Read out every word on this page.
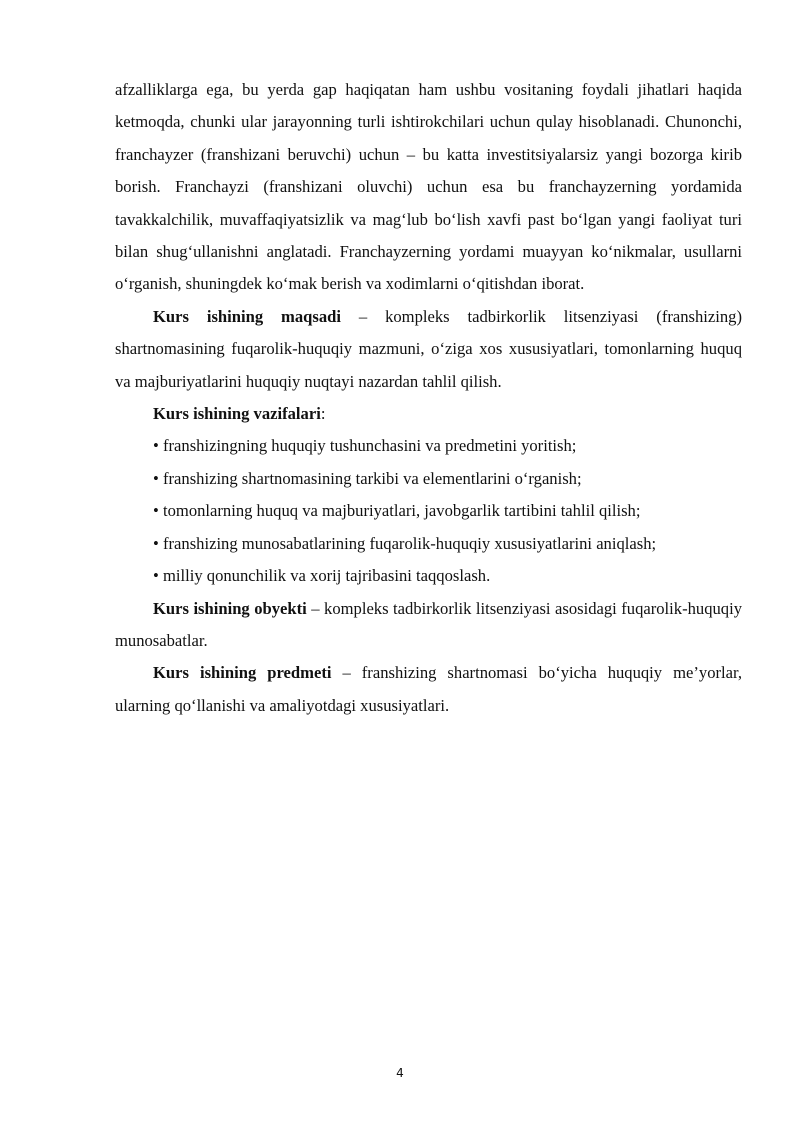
afzalliklarga ega, bu yerda gap haqiqatan ham ushbu vositaning foydali jihatlari haqida ketmoqda, chunki ular jarayonning turli ishtirokchilari uchun qulay hisoblanadi. Chunonchi, franchayzer (franshizani beruvchi) uchun – bu katta investitsiyalarsiz yangi bozorga kirib borish. Franchayzi (franshizani oluvchi) uchun esa bu franchayzerning yordamida tavakkalchilik, muvaffaqiyatsizlik va mag‘lub bo‘lish xavfi past bo‘lgan yangi faoliyat turi bilan shug‘ullanishni anglatadi. Franchayzerning yordami muayyan ko‘nikmalar, usullarni o‘rganish, shuningdek ko‘mak berish va xodimlarni o‘qitishdan iborat.

Kurs ishining maqsadi – kompleks tadbirkorlik litsenziyasi (franshizing) shartnomasining fuqarolik-huquqiy mazmuni, o‘ziga xos xususiyatlari, tomonlarning huquq va majburiyatlarini huquqiy nuqtayi nazardan tahlil qilish.

Kurs ishining vazifalari:

• franshizingning huquqiy tushunchasini va predmetini yoritish;

• franshizing shartnomasining tarkibi va elementlarini o‘rganish;

• tomonlarning huquq va majburiyatlari, javobgarlik tartibini tahlil qilish;

• franshizing munosabatlarining fuqarolik-huquqiy xususiyatlarini aniqlash;

• milliy qonunchilik va xorij tajribasini taqqoslash.

Kurs ishining obyekti – kompleks tadbirkorlik litsenziyasi asosidagi fuqarolik-huquqiy munosabatlar.

Kurs ishining predmeti – franshizing shartnomasi bo‘yicha huquqiy me’yorlar, ularning qo‘llanishi va amaliyotdagi xususiyatlari.

4
